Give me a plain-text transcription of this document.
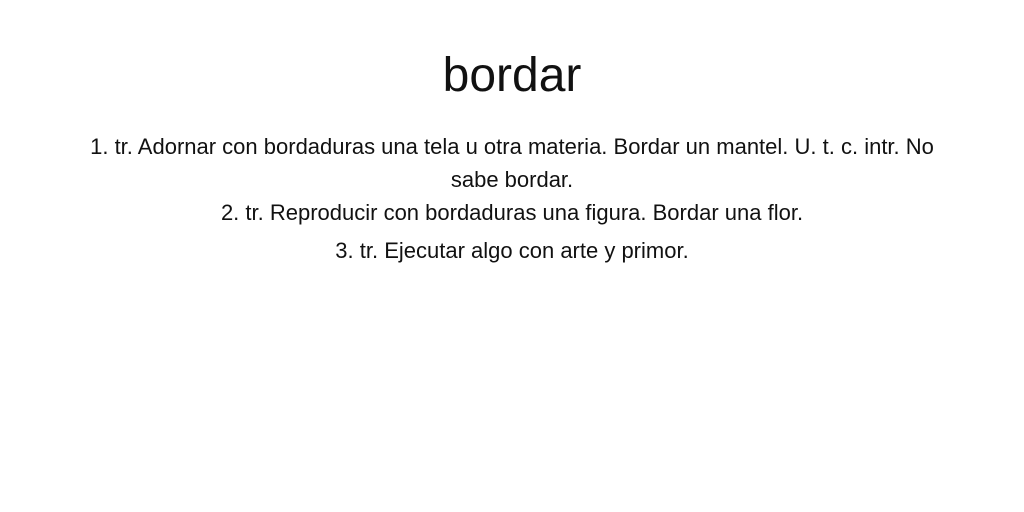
bordar
1. tr. Adornar con bordaduras una tela u otra materia. Bordar un mantel. U. t. c. intr. No sabe bordar.
2. tr. Reproducir con bordaduras una figura. Bordar una flor.
3. tr. Ejecutar algo con arte y primor.
